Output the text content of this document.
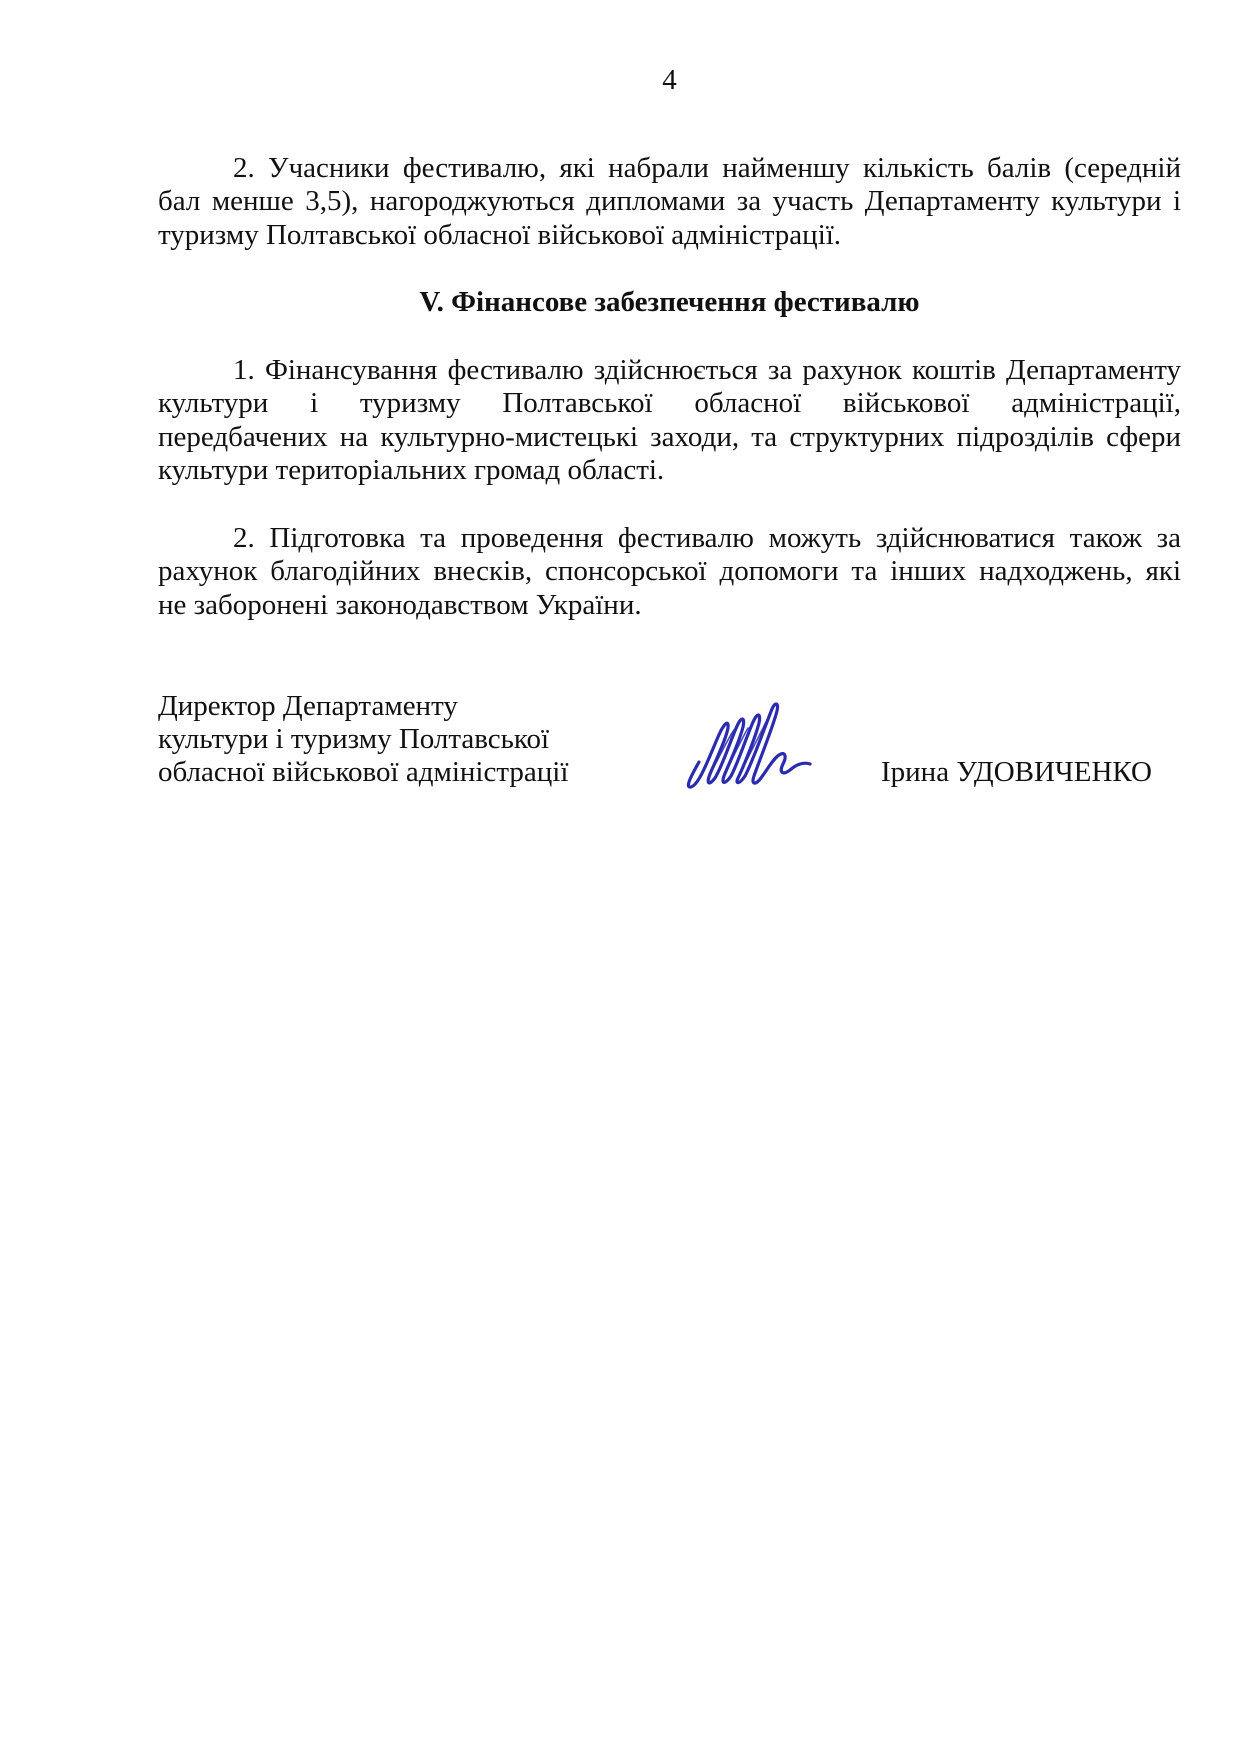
4
2. Учасники фестивалю, які набрали найменшу кількість балів (середній
бал менше 3,5), нагороджуються дипломами за участь Департаменту культури і
туризму Полтавської обласної військової адміністрації.
V. Фінансове забезпечення фестивалю
1. Фінансування фестивалю здійснюється за рахунок коштів Департаменту
культури і туризму Полтавської обласної військової адміністрації,
передбачених на культурно-мистецькі заходи, та структурних підрозділів сфери
культури територіальних громад області.
2. Підготовка та проведення фестивалю можуть здійснюватися також за
рахунок благодійних внесків, спонсорської допомоги та інших надходжень, які
не заборонені законодавством України.
Директор Департаменту
культури і туризму Полтавської
обласної військової адміністрації	Ірина УДОВИЧЕНКО
